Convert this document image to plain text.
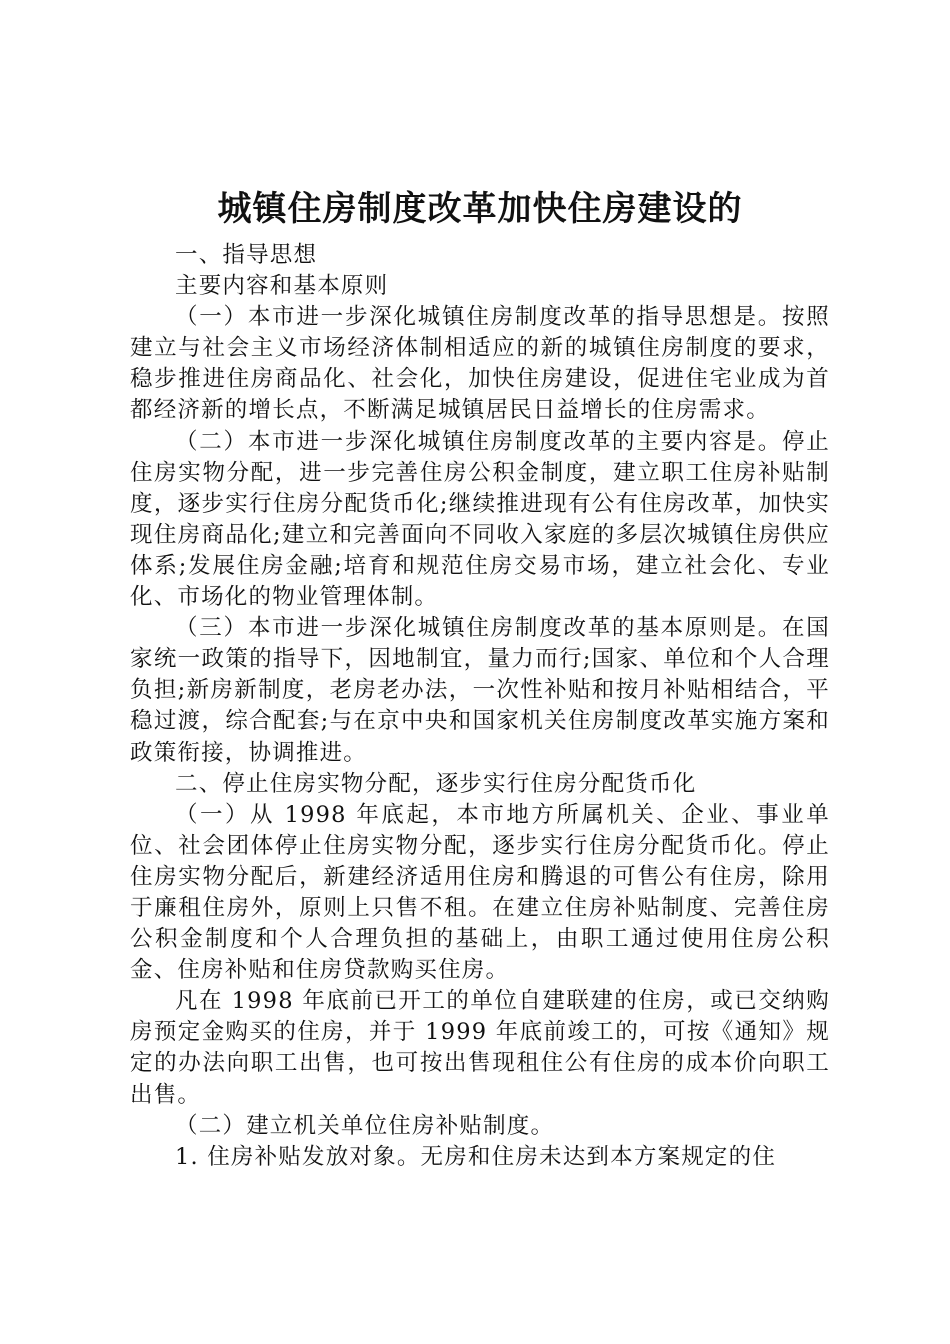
城镇住房制度改革加快住房建设的

一、指导思想

主要内容和基本原则

（一）本市进一步深化城镇住房制度改革的指导思想是。按照建立与社会主义市场经济体制相适应的新的城镇住房制度的要求，稳步推进住房商品化、社会化，加快住房建设，促进住宅业成为首都经济新的增长点，不断满足城镇居民日益增长的住房需求。

（二）本市进一步深化城镇住房制度改革的主要内容是。停止住房实物分配，进一步完善住房公积金制度，建立职工住房补贴制度，逐步实行住房分配货币化;继续推进现有公有住房改革，加快实现住房商品化;建立和完善面向不同收入家庭的多层次城镇住房供应体系;发展住房金融;培育和规范住房交易市场，建立社会化、专业化、市场化的物业管理体制。

（三）本市进一步深化城镇住房制度改革的基本原则是。在国家统一政策的指导下，因地制宜，量力而行;国家、单位和个人合理负担;新房新制度，老房老办法，一次性补贴和按月补贴相结合，平稳过渡，综合配套;与在京中央和国家机关住房制度改革实施方案和政策衔接，协调推进。

二、停止住房实物分配，逐步实行住房分配货币化

（一）从 1998 年底起，本市地方所属机关、企业、事业单位、社会团体停止住房实物分配，逐步实行住房分配货币化。停止住房实物分配后，新建经济适用住房和腾退的可售公有住房，除用于廉租住房外，原则上只售不租。在建立住房补贴制度、完善住房公积金制度和个人合理负担的基础上，由职工通过使用住房公积金、住房补贴和住房贷款购买住房。

凡在 1998 年底前已开工的单位自建联建的住房，或已交纳购房预定金购买的住房，并于 1999 年底前竣工的，可按《通知》规定的办法向职工出售，也可按出售现租住公有住房的成本价向职工出售。

（二）建立机关单位住房补贴制度。

1. 住房补贴发放对象。无房和住房未达到本方案规定的住
